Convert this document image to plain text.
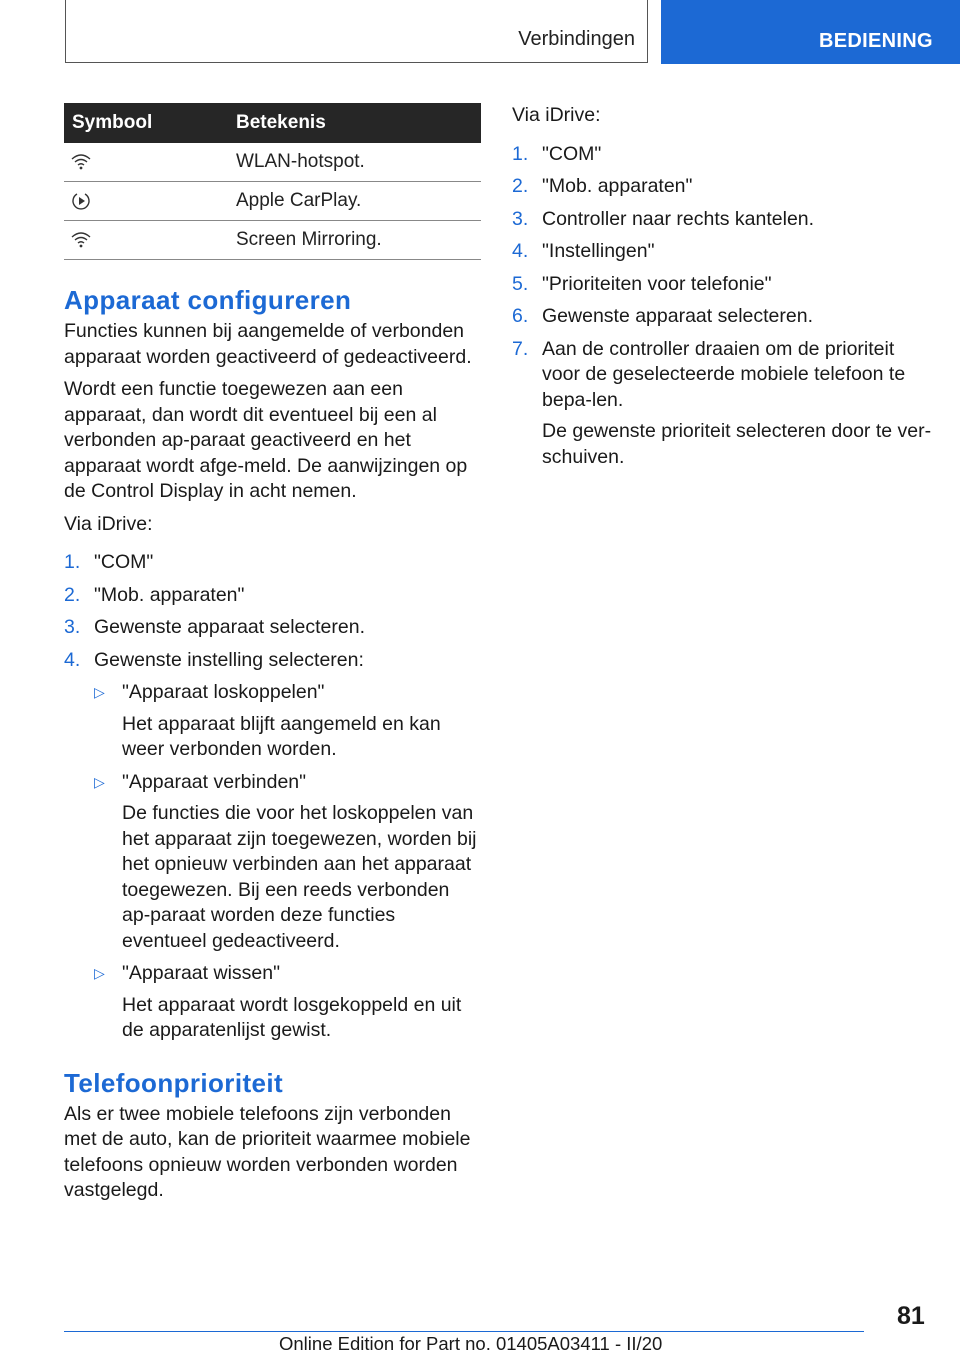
Verbindingen	BEDIENING
Symbool	Betekenis
	WLAN-hotspot.
	Apple CarPlay.
	Screen Mirroring.
Apparaat configureren

Functies kunnen bij aangemelde of verbonden apparaat worden geactiveerd of gedeactiveerd.

Wordt een functie toegewezen aan een apparaat, dan wordt dit eventueel bij een al verbonden ap-paraat geactiveerd en het apparaat wordt afge-meld. De aanwijzingen op de Control Display in acht nemen.

Via iDrive:

1. "COM"
2. "Mob. apparaten"
3. Gewenste apparaat selecteren.
4. Gewenste instelling selecteren:
▷ "Apparaat loskoppelen"
Het apparaat blijft aangemeld en kan weer verbonden worden.
▷ "Apparaat verbinden"
De functies die voor het loskoppelen van het apparaat zijn toegewezen, worden bij het opnieuw verbinden aan het apparaat toegewezen. Bij een reeds verbonden ap-paraat worden deze functies eventueel gedeactiveerd.
▷ "Apparaat wissen"
Het apparaat wordt losgekoppeld en uit de apparatenlijst gewist.
Telefoonprioriteit

Als er twee mobiele telefoons zijn verbonden met de auto, kan de prioriteit waarmee mobiele telefoons opnieuw worden verbonden worden vastgelegd.

Via iDrive:

1. "COM"
2. "Mob. apparaten"
3. Controller naar rechts kantelen.
4. "Instellingen"
5. "Prioriteiten voor telefonie"
6. Gewenste apparaat selecteren.
7. Aan de controller draaien om de prioriteit voor de geselecteerde mobiele telefoon te bepa-len.
De gewenste prioriteit selecteren door te ver-schuiven.
81
Online Edition for Part no. 01405A03411 - II/20
